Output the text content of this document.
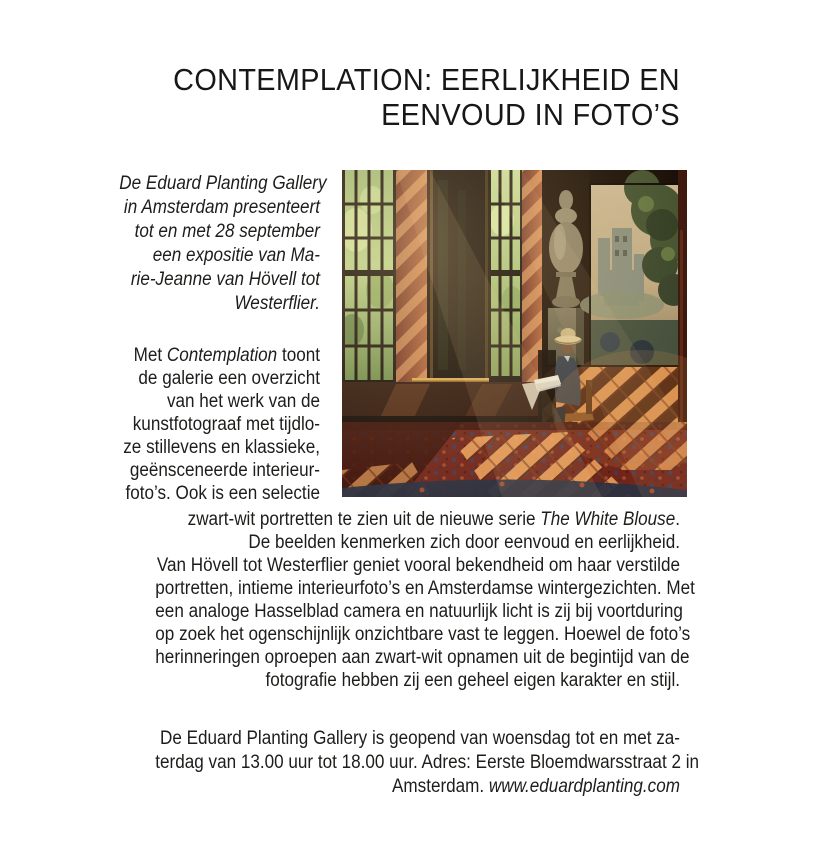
CONTEMPLATION: EERLIJKHEID EN
EENVOUD IN FOTO’S
De Eduard Planting Gallery
in Amsterdam presenteert
tot en met 28 september
een expositie van Ma-
rie-Jeanne van Hövell tot
Westerflier.
Met Contemplation toont
de galerie een overzicht
van het werk van de
kunstfotograaf met tijdlo-
ze stillevens en klassieke,
geënsceneerde interieur-
foto’s. Ook is een selectie
zwart-wit portretten te zien uit de nieuwe serie The White Blouse.
De beelden kenmerken zich door eenvoud en eerlijkheid.
Van Hövell tot Westerflier geniet vooral bekendheid om haar verstilde
portretten, intieme interieurfoto’s en Amsterdamse wintergezichten. Met
een analoge Hasselblad camera en natuurlijk licht is zij bij voortduring
op zoek het ogenschijnlijk onzichtbare vast te leggen. Hoewel de foto’s
herinneringen oproepen aan zwart-wit opnamen uit de begintijd van de
fotografie hebben zij een geheel eigen karakter en stijl.
De Eduard Planting Gallery is geopend van woensdag tot en met za-
terdag van 13.00 uur tot 18.00 uur. Adres: Eerste Bloemdwarsstraat 2 in
Amsterdam. www.eduardplanting.com
